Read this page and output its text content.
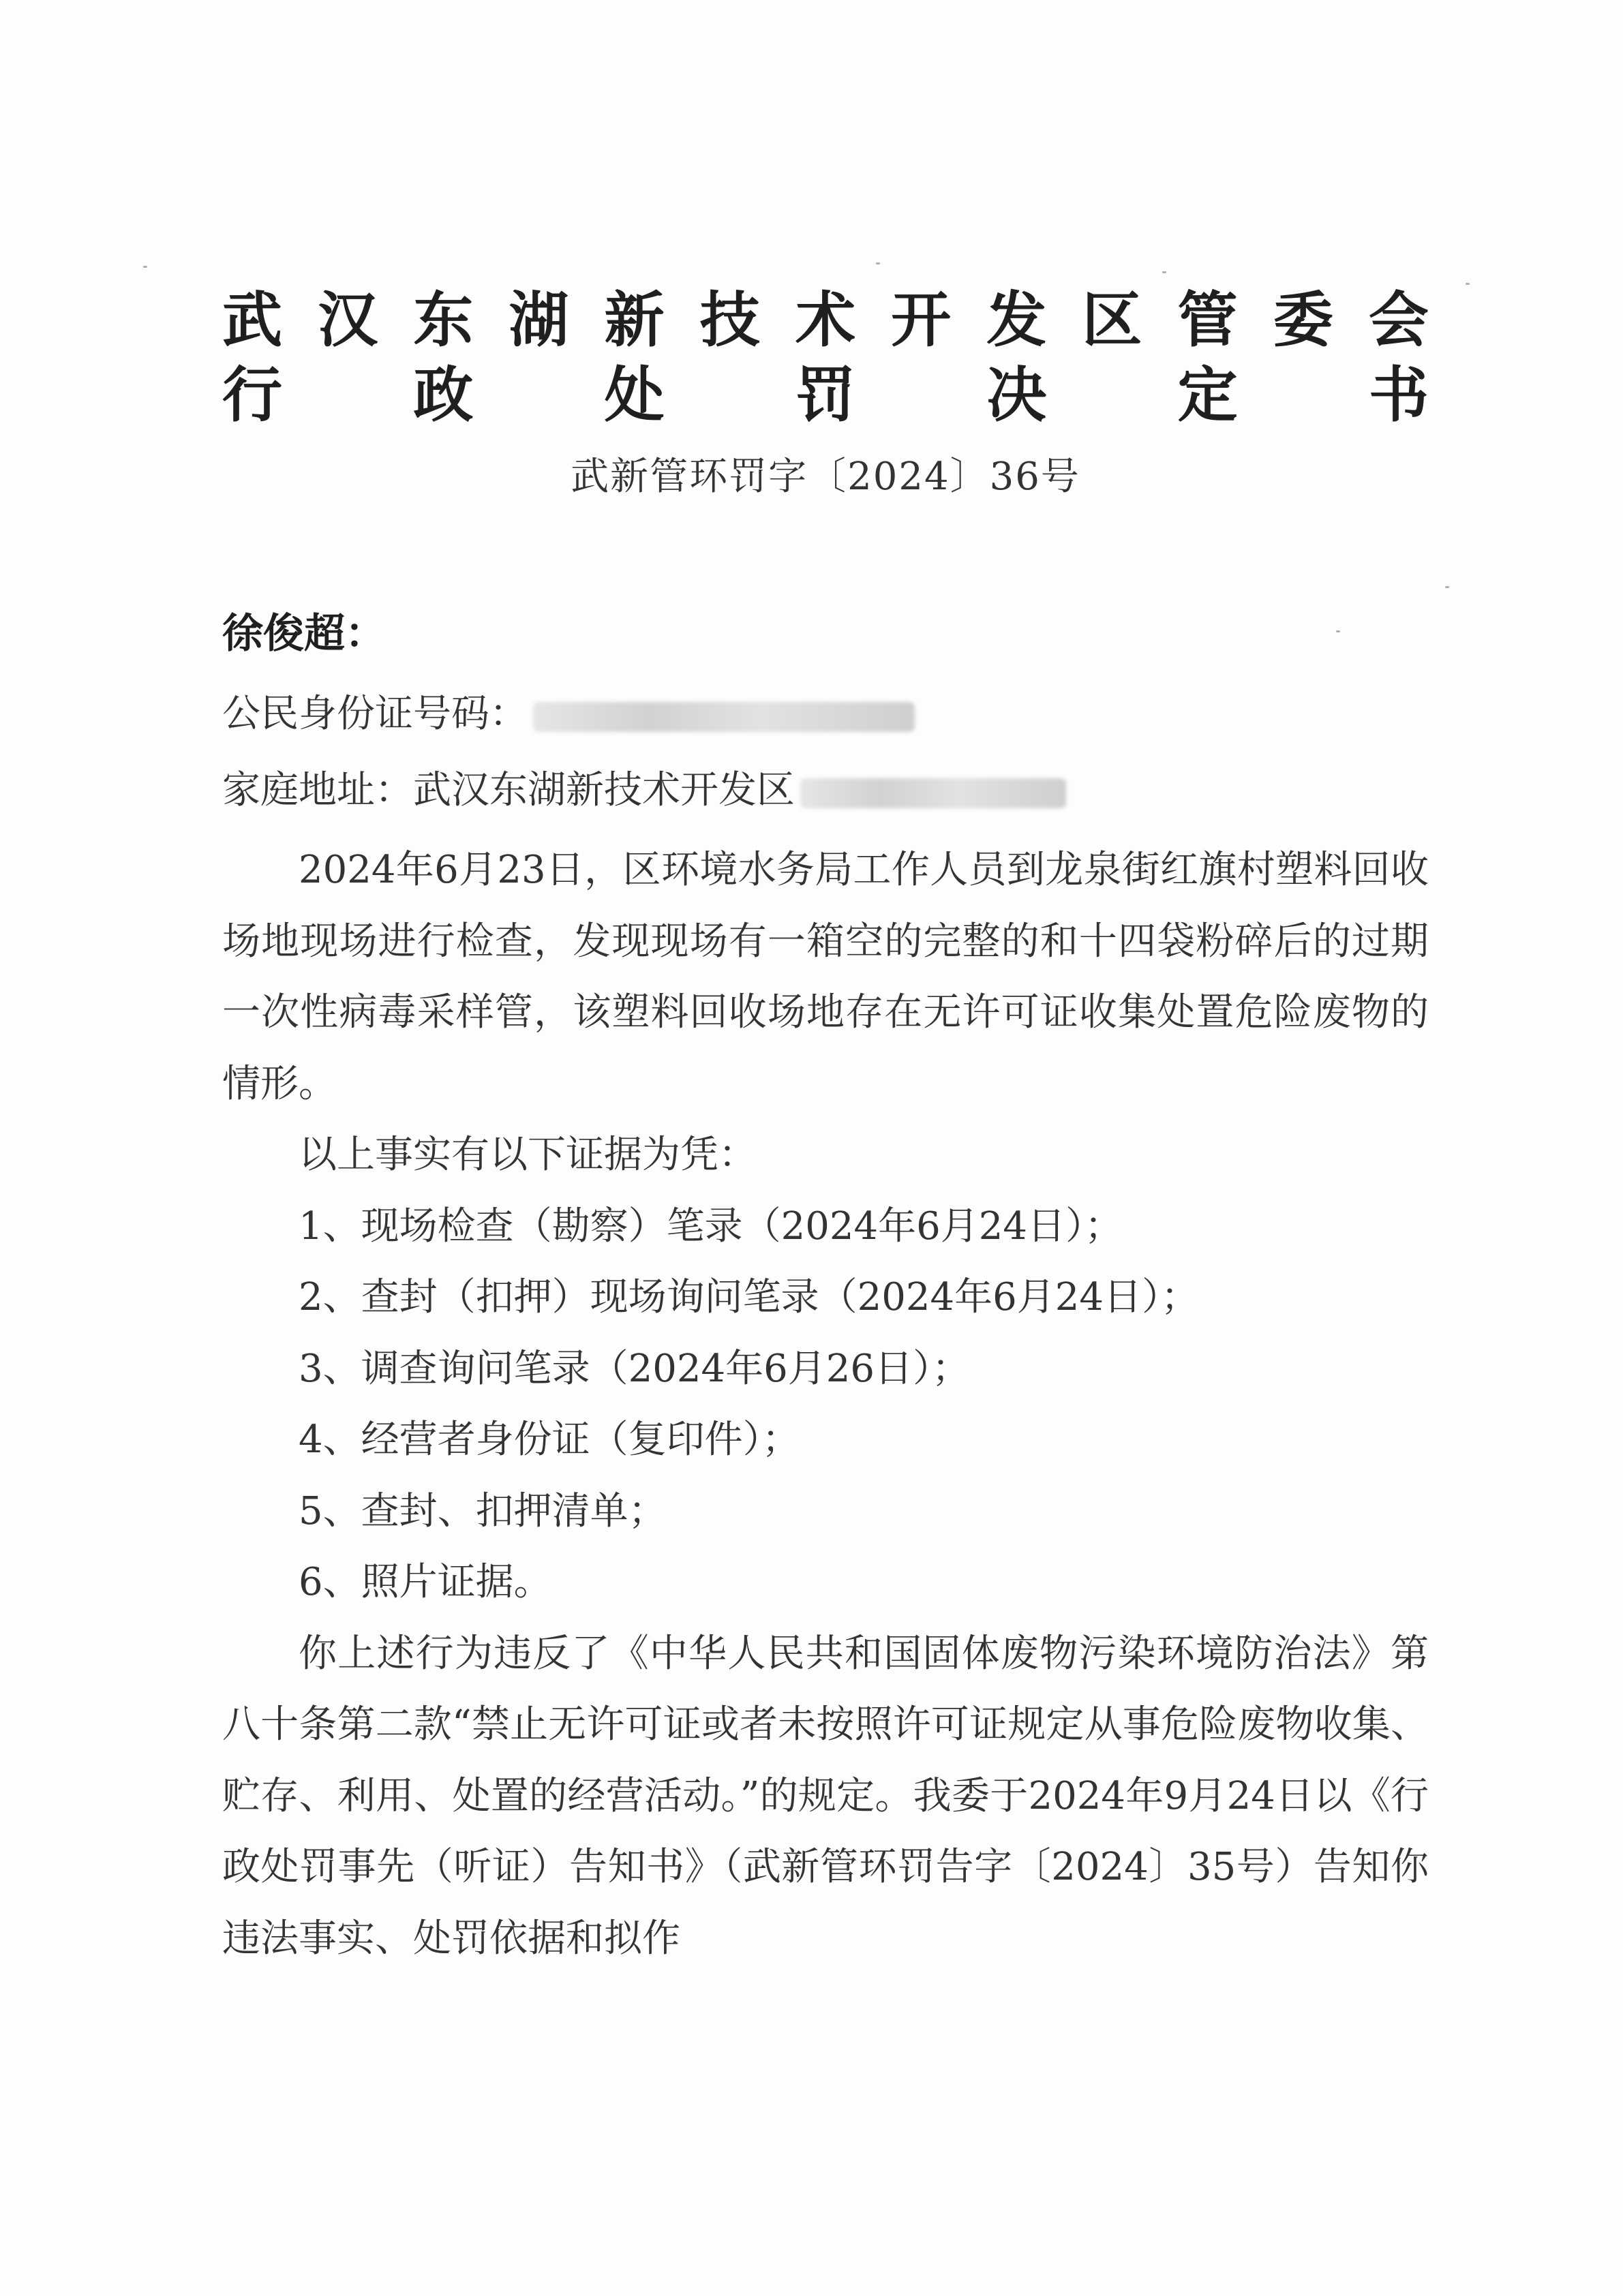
武 汉 东 湖 新 技 术 开 发 区 管 委 会
行 政 处 罚 决 定 书
武新管环罚字〔2024〕36号
徐俊超：
公民身份证号码：
家庭地址：武汉东湖新技术开发区

2024年6月23日，区环境水务局工作人员到龙泉街红旗村塑料回收场地现场进行检查，发现现场有一箱空的完整的和十四袋粉碎后的过期一次性病毒采样管，该塑料回收场地存在无许可证收集处置危险废物的情形。

以上事实有以下证据为凭：

1、现场检查（勘察）笔录（2024年6月24日）；

2、查封（扣押）现场询问笔录（2024年6月24日）；

3、调查询问笔录（2024年6月26日）；

4、经营者身份证（复印件）；

5、查封、扣押清单；

6、照片证据。

你上述行为违反了《中华人民共和国固体废物污染环境防治法》第八十条第二款“禁止无许可证或者未按照许可证规定从事危险废物收集、贮存、利用、处置的经营活动。”的规定。我委于2024年9月24日以《行政处罚事先（听证）告知书》（武新管环罚告字〔2024〕35号）告知你违法事实、处罚依据和拟作
